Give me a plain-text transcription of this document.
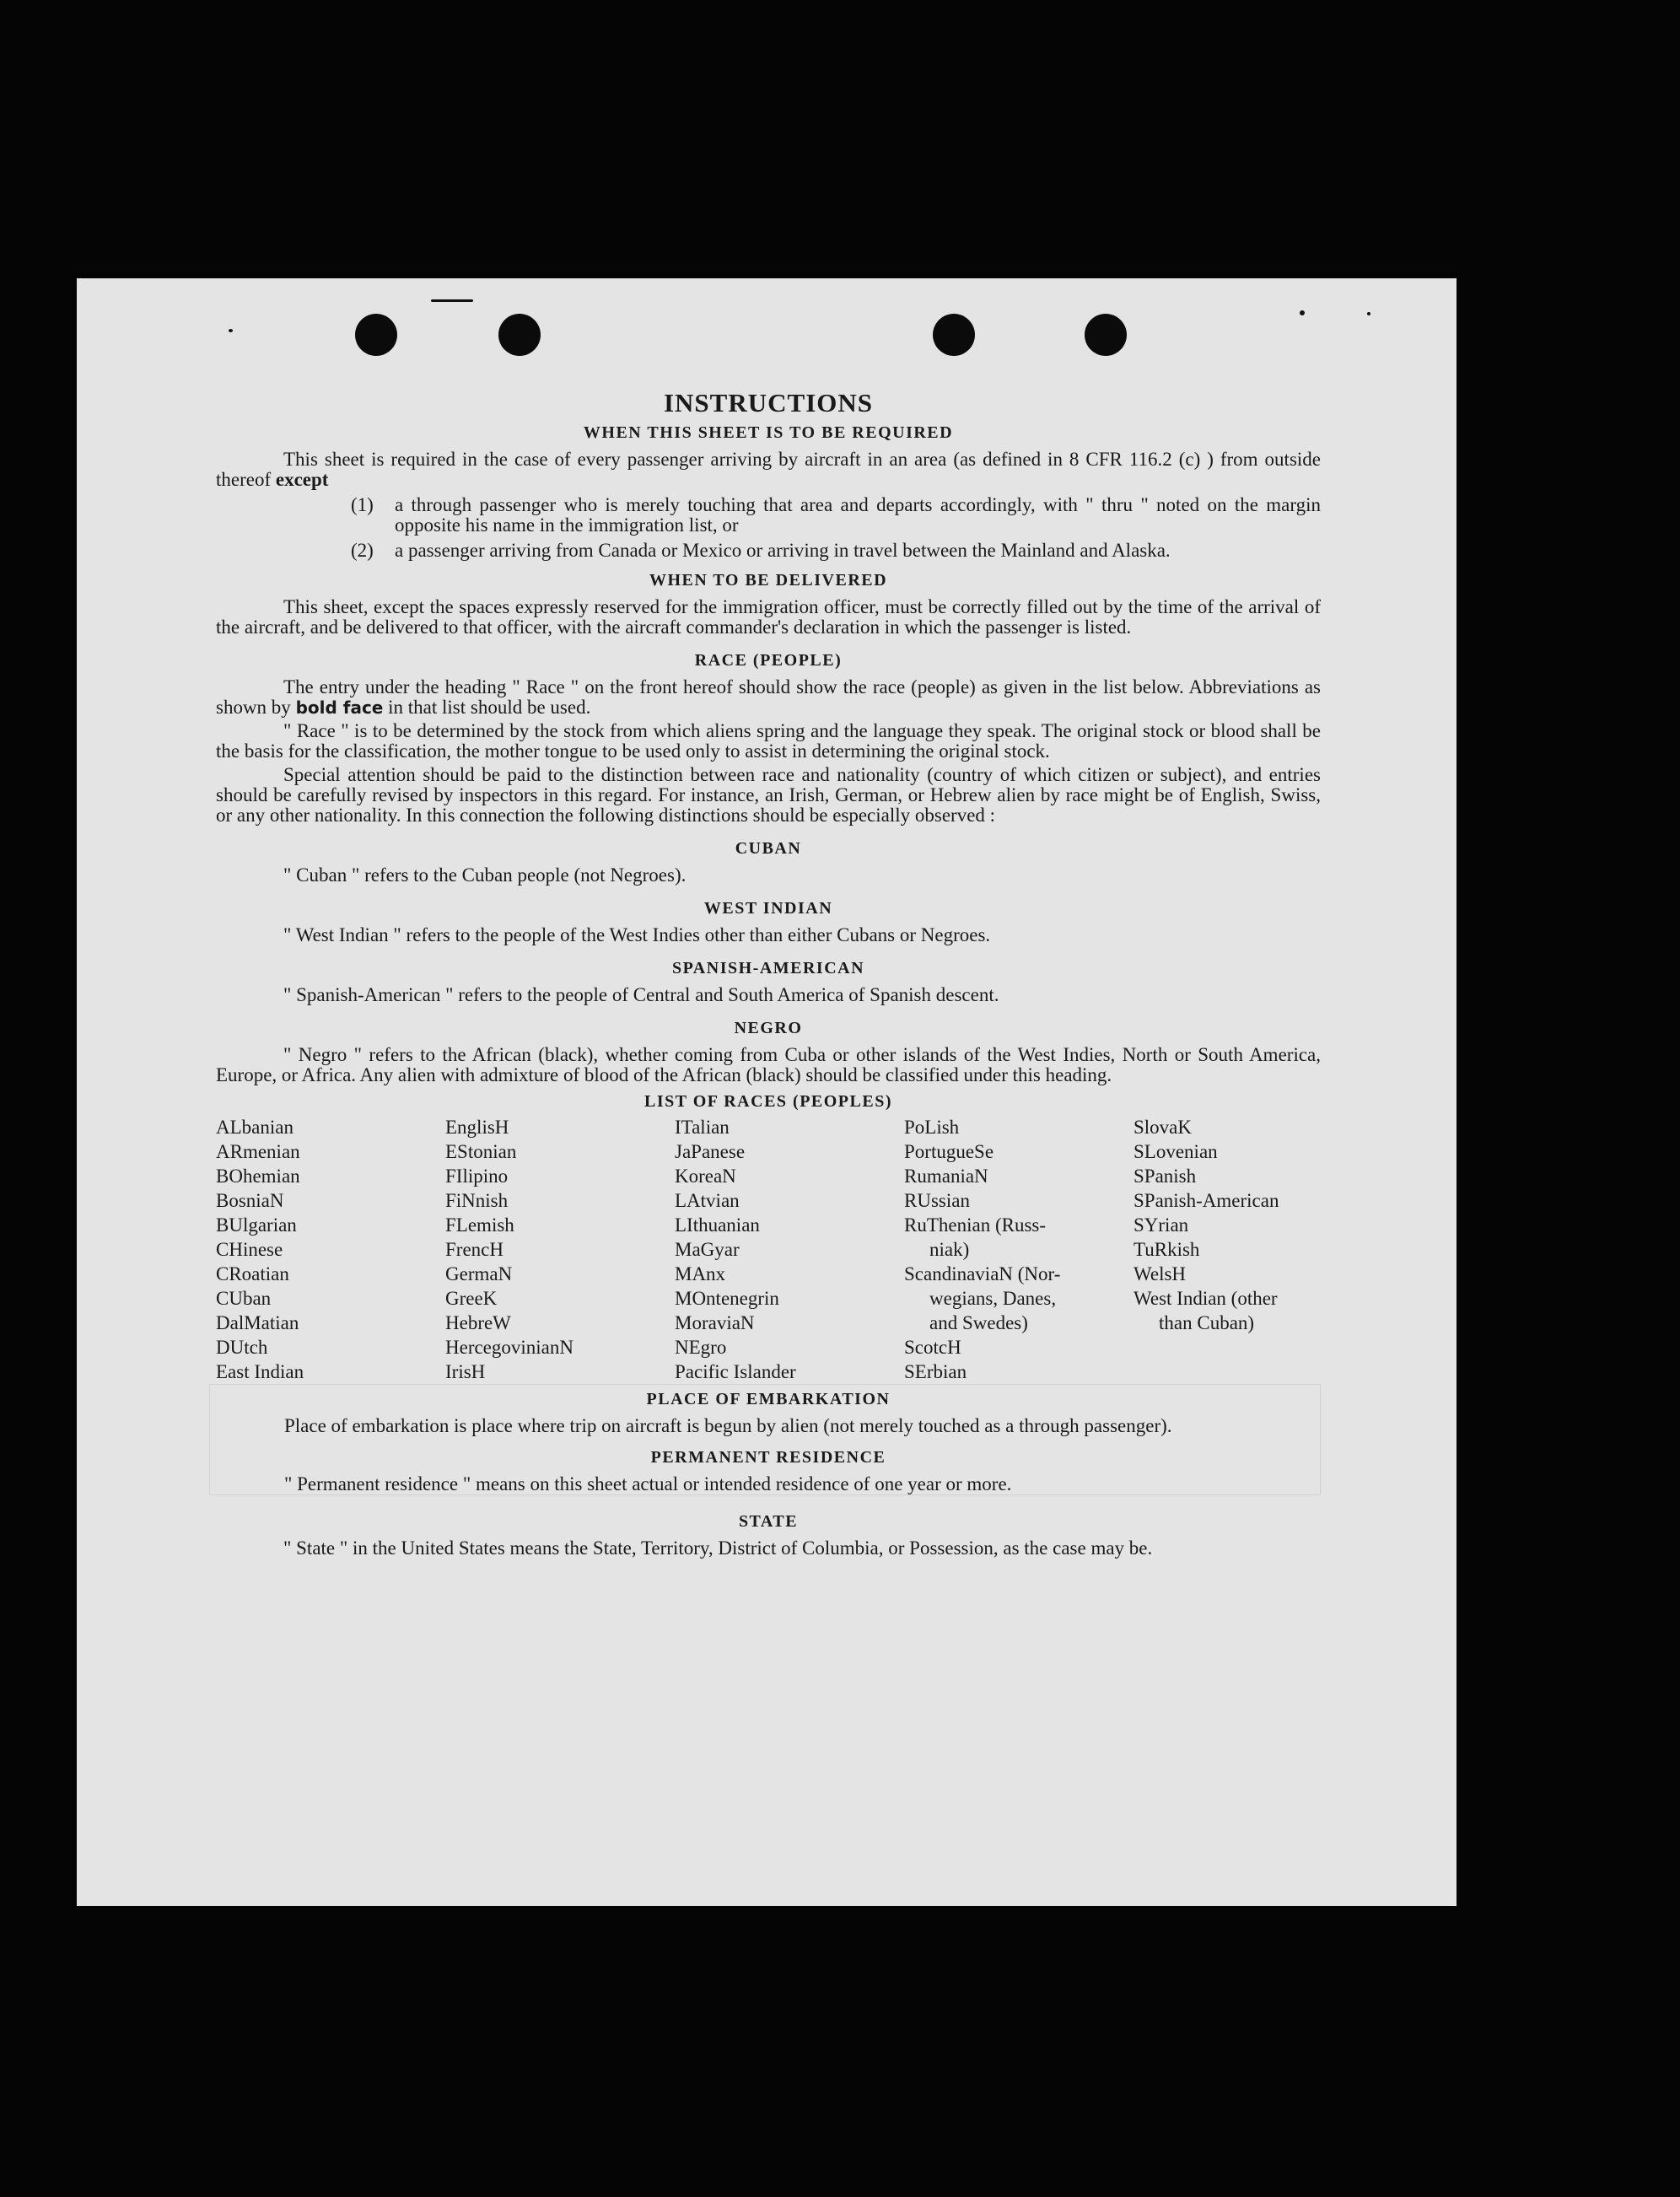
INSTRUCTIONS
WHEN THIS SHEET IS TO BE REQUIRED

This sheet is required in the case of every passenger arriving by aircraft in an area (as defined in 8 CFR 116.2 (c) ) from outside thereof except

(1)	a through passenger who is merely touching that area and departs accordingly, with " thru " noted on the margin opposite his name in the immigration list, or
(2)	a passenger arriving from Canada or Mexico or arriving in travel between the Mainland and Alaska.
WHEN TO BE DELIVERED

This sheet, except the spaces expressly reserved for the immigration officer, must be correctly filled out by the time of the arrival of the aircraft, and be delivered to that officer, with the aircraft commander's declaration in which the passenger is listed.

RACE (PEOPLE)

The entry under the heading " Race " on the front hereof should show the race (people) as given in the list below. Abbreviations as shown by bold face in that list should be used.

" Race " is to be determined by the stock from which aliens spring and the language they speak. The original stock or blood shall be the basis for the classification, the mother tongue to be used only to assist in determining the original stock.

Special attention should be paid to the distinction between race and nationality (country of which citizen or subject), and entries should be carefully revised by inspectors in this regard. For instance, an Irish, German, or Hebrew alien by race might be of English, Swiss, or any other nationality. In this connection the following distinctions should be especially observed :

CUBAN

" Cuban " refers to the Cuban people (not Negroes).

WEST INDIAN

" West Indian " refers to the people of the West Indies other than either Cubans or Negroes.

SPANISH-AMERICAN

" Spanish-American " refers to the people of Central and South America of Spanish descent.

NEGRO

" Negro " refers to the African (black), whether coming from Cuba or other islands of the West Indies, North or South America, Europe, or Africa. Any alien with admixture of blood of the African (black) should be classified under this heading.

LIST OF RACES (PEOPLES)
ALbanian
ARmenian
BOhemian
BosniaN
BUlgarian
CHinese
CRoatian
CUban
DalMatian
DUtch
East Indian
EnglisH
EStonian
FIlipino
FiNnish
FLemish
FrencH
GermaN
GreeK
HebreW
HercegovinianN
IrisH
ITalian
JaPanese
KoreaN
LAtvian
LIthuanian
MaGyar
MAnx
MOntenegrin
MoraviaN
NEgro
Pacific Islander
PoLish
PortugueSe
RumaniaN
RUssian
RuThenian (Russ-
niak)
ScandinaviaN (Nor-
wegians, Danes,
and Swedes)
ScotcH
SErbian
SlovaK
SLovenian
SPanish
SPanish-American
SYrian
TuRkish
WelsH
West Indian (other
than Cuban)
PLACE OF EMBARKATION

Place of embarkation is place where trip on aircraft is begun by alien (not merely touched as a through passenger).

PERMANENT RESIDENCE

" Permanent residence " means on this sheet actual or intended residence of one year or more.

STATE

" State " in the United States means the State, Territory, District of Columbia, or Possession, as the case may be.
